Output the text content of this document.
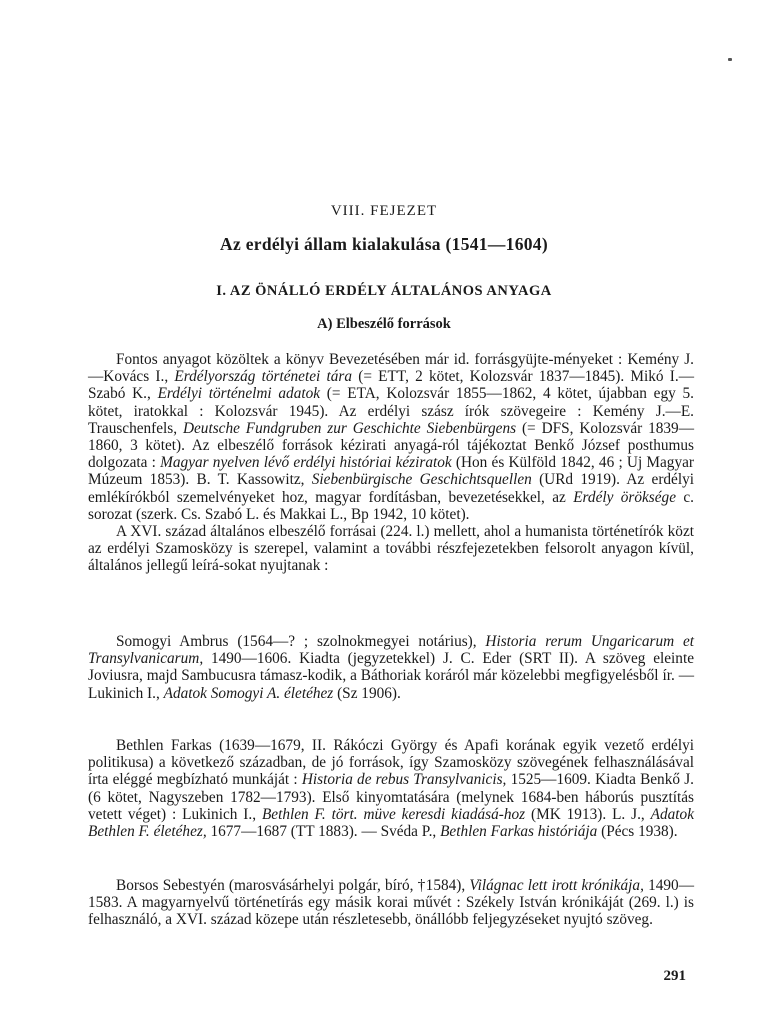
VIII. FEJEZET
Az erdélyi állam kialakulása (1541—1604)
I. AZ ÖNÁLLÓ ERDÉLY ÁLTALÁNOS ANYAGA
A) Elbeszélő források

Fontos anyagot közöltek a könyv Bevezetésében már id. forrásgyüjte-ményeket : Kemény J.—Kovács I., Erdélyország történetei tára (= ETT, 2 kötet, Kolozsvár 1837—1845). Mikó I.—Szabó K., Erdélyi történelmi adatok (= ETA, Kolozsvár 1855—1862, 4 kötet, újabban egy 5. kötet, iratokkal : Kolozsvár 1945). Az erdélyi szász írók szövegeire : Kemény J.—E. Trauschenfels, Deutsche Fundgruben zur Geschichte Siebenbürgens (= DFS, Kolozsvár 1839—1860, 3 kötet). Az elbeszélő források kézirati anyagá-ról tájékoztat Benkő József posthumus dolgozata : Magyar nyelven lévő erdélyi históriai kéziratok (Hon és Külföld 1842, 46 ; Uj Magyar Múzeum 1853). B. T. Kassowitz, Siebenbürgische Geschichtsquellen (URd 1919). Az erdélyi emlékírókból szemelvényeket hoz, magyar fordításban, bevezetésekkel, az Erdély öröksége c. sorozat (szerk. Cs. Szabó L. és Makkai L., Bp 1942, 10 kötet).

A XVI. század általános elbeszélő forrásai (224. l.) mellett, ahol a humanista történetírók közt az erdélyi Szamosközy is szerepel, valamint a további részfejezetekben felsorolt anyagon kívül, általános jellegű leírá-sokat nyujtanak :

Somogyi Ambrus (1564—? ; szolnokmegyei notárius), Historia rerum Ungaricarum et Transylvanicarum, 1490—1606. Kiadta (jegyzetekkel) J. C. Eder (SRT II). A szöveg eleinte Joviusra, majd Sambucusra támasz-kodik, a Báthoriak koráról már közelebbi megfigyelésből ír. — Lukinich I., Adatok Somogyi A. életéhez (Sz 1906).

Bethlen Farkas (1639—1679, II. Rákóczi György és Apafi korának egyik vezető erdélyi politikusa) a következő században, de jó források, így Szamosközy szövegének felhasználásával írta eléggé megbízható munkáját : Historia de rebus Transylvanicis, 1525—1609. Kiadta Benkő J. (6 kötet, Nagyszeben 1782—1793). Első kinyomtatására (melynek 1684-ben háborús pusztítás vetett véget) : Lukinich I., Bethlen F. tört. müve keresdi kiadásá-hoz (MK 1913). L. J., Adatok Bethlen F. életéhez, 1677—1687 (TT 1883). — Svéda P., Bethlen Farkas históriája (Pécs 1938).

Borsos Sebestyén (marosvásárhelyi polgár, bíró, †1584), Világnac lett irott krónikája, 1490—1583. A magyarnyelvű történetírás egy másik korai művét : Székely István krónikáját (269. l.) is felhasználó, a XVI. század közepe után részletesebb, önállóbb feljegyzéseket nyujtó szöveg.

291
